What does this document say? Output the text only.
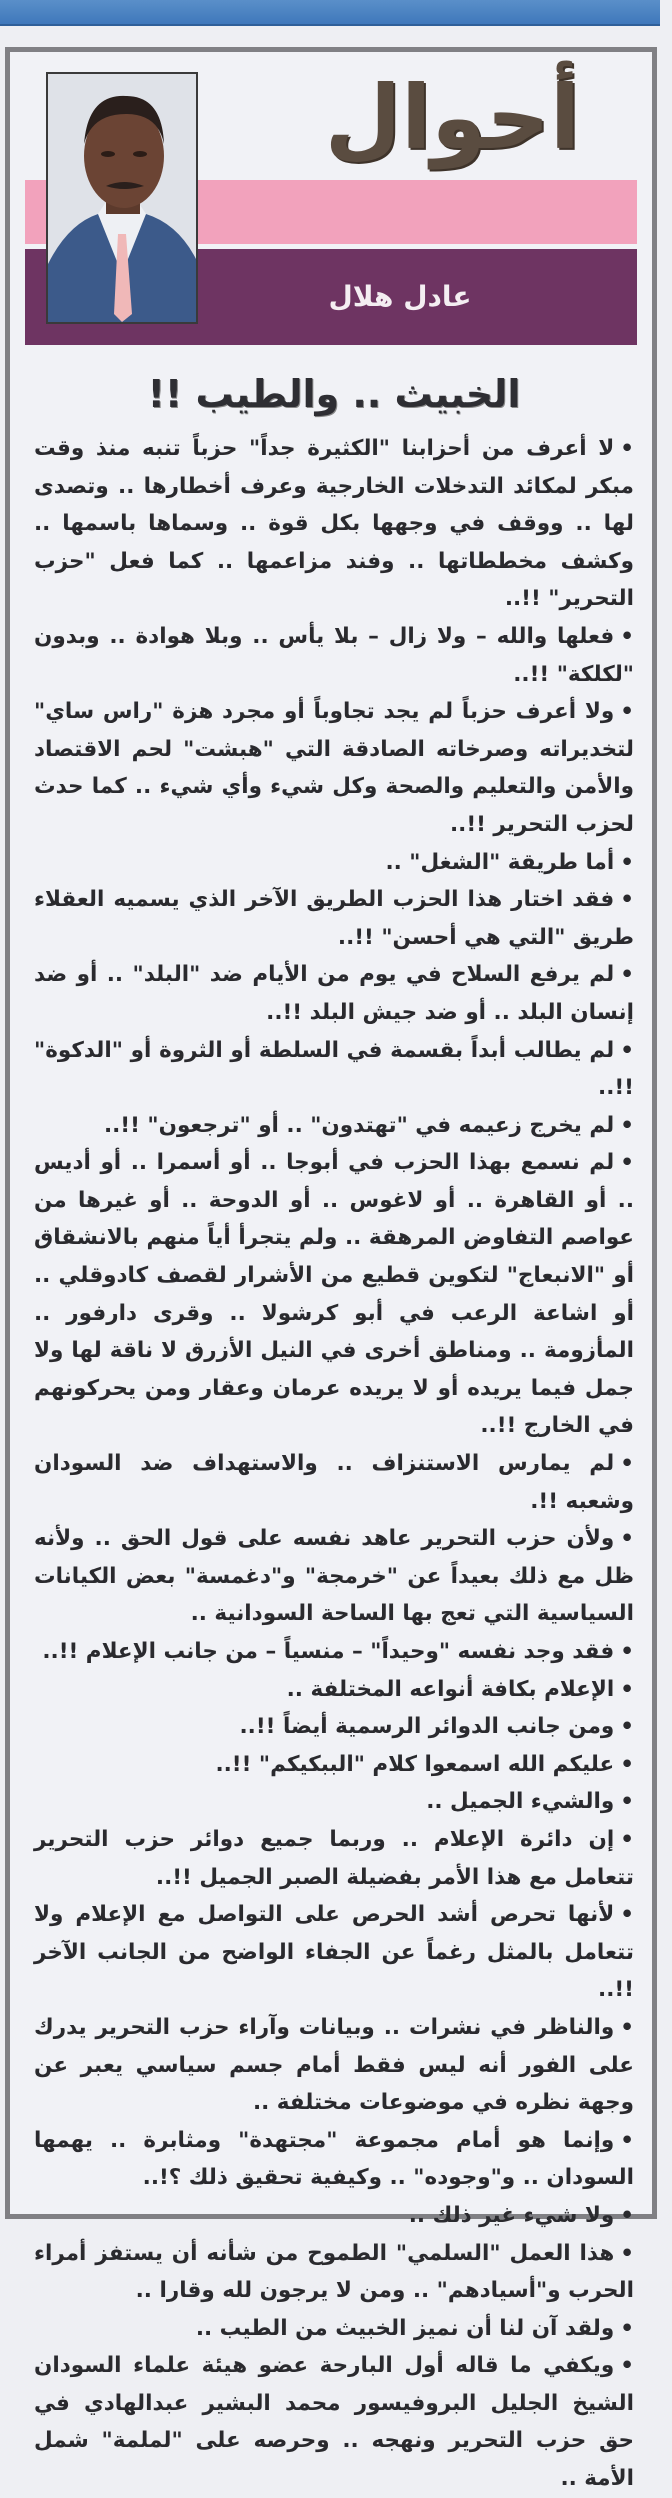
أحوال
عادل هلال
الخبيث .. والطيب !!

•لا أعرف من أحزابنا "الكثيرة جداً" حزباً تنبه منذ وقت مبكر لمكائد التدخلات الخارجية وعرف أخطارها .. وتصدى لها .. ووقف في وجهها بكل قوة .. وسماها باسمها .. وكشف مخططاتها .. وفند مزاعمها .. كما فعل "حزب التحرير" !!..

•فعلها والله – ولا زال – بلا يأس .. وبلا هوادة .. وبدون "لكلكة" !!..

•ولا أعرف حزباً لم يجد تجاوباً أو مجرد هزة "راس ساي" لتخديراته وصرخاته الصادقة التي "هبشت" لحم الاقتصاد والأمن والتعليم والصحة وكل شيء وأي شيء .. كما حدث لحزب التحرير !!..

•أما طريقة "الشغل" ..

•فقد اختار هذا الحزب الطريق الآخر الذي يسميه العقلاء طريق "التي هي أحسن" !!..

•لم يرفع السلاح في يوم من الأيام ضد "البلد" .. أو ضد إنسان البلد .. أو ضد جيش البلد !!..

•لم يطالب أبداً بقسمة في السلطة أو الثروة أو "الدكوة" !!..

•لم يخرج زعيمه في "تهتدون" .. أو "ترجعون" !!..

•لم نسمع بهذا الحزب في أبوجا .. أو أسمرا .. أو أديس .. أو القاهرة .. أو لاغوس .. أو الدوحة .. أو غيرها من عواصم التفاوض المرهقة .. ولم يتجرأ أياً منهم بالانشقاق أو "الانبعاج" لتكوين قطيع من الأشرار لقصف كادوقلي .. أو اشاعة الرعب في أبو كرشولا .. وقرى دارفور .. المأزومة .. ومناطق أخرى في النيل الأزرق لا ناقة لها ولا جمل فيما يريده أو لا يريده عرمان وعقار ومن يحركونهم في الخارج !!..

•لم يمارس الاستنزاف .. والاستهداف ضد السودان وشعبه !!.

•ولأن حزب التحرير عاهد نفسه على قول الحق .. ولأنه ظل مع ذلك بعيداً عن "خرمجة" و"دغمسة" بعض الكيانات السياسية التي تعج بها الساحة السودانية ..

•فقد وجد نفسه "وحيداً" – منسياً – من جانب الإعلام !!..

•الإعلام بكافة أنواعه المختلفة ..

•ومن جانب الدوائر الرسمية أيضاً !!..

•عليكم الله اسمعوا كلام "الببكيكم" !!..

•والشيء الجميل ..

•إن دائرة الإعلام .. وربما جميع دوائر حزب التحرير تتعامل مع هذا الأمر بفضيلة الصبر الجميل !!..

•لأنها تحرص أشد الحرص على التواصل مع الإعلام ولا تتعامل بالمثل رغماً عن الجفاء الواضح من الجانب الآخر !!..

•والناظر في نشرات .. وبيانات وآراء حزب التحرير يدرك على الفور أنه ليس فقط أمام جسم سياسي يعبر عن وجهة نظره في موضوعات مختلفة ..

•وإنما هو أمام مجموعة "مجتهدة" ومثابرة .. يهمها السودان .. و"وجوده" .. وكيفية تحقيق ذلك ؟!..

•ولا شيء غير ذلك ..

•هذا العمل "السلمي" الطموح من شأنه أن يستفز أمراء الحرب و"أسيادهم" .. ومن لا يرجون لله وقارا ..

•ولقد آن لنا أن نميز الخبيث من الطيب ..

•ويكفي ما قاله أول البارحة عضو هيئة علماء السودان الشيخ الجليل البروفيسور محمد البشير عبدالهادي في حق حزب التحرير ونهجه .. وحرصه على "لملمة" شمل الأمة ..
